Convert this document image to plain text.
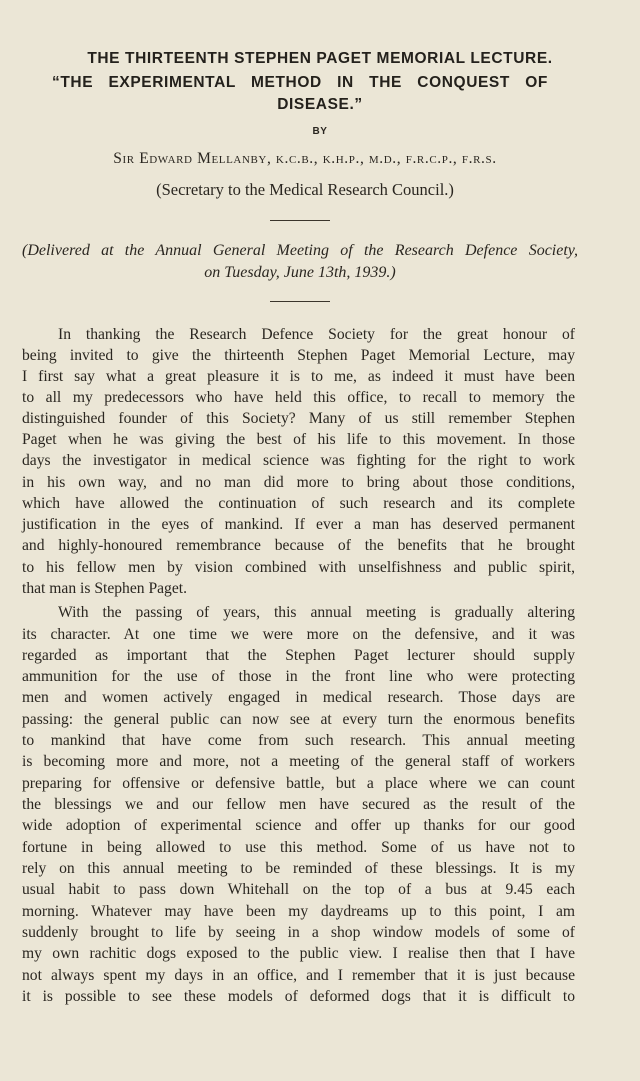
THE THIRTEENTH STEPHEN PAGET MEMORIAL LECTURE.
“THE EXPERIMENTAL METHOD IN THE CONQUEST OF
DISEASE.”
BY
Sir Edward Mellanby, k.c.b., k.h.p., m.d., f.r.c.p., f.r.s.
(Secretary to the Medical Research Council.)
(Delivered at the Annual General Meeting of the Research Defence Society,
on Tuesday, June 13th, 1939.)
In thanking the Research Defence Society for the great honour of
being invited to give the thirteenth Stephen Paget Memorial Lecture, may
I first say what a great pleasure it is to me, as indeed it must have been
to all my predecessors who have held this office, to recall to memory the
distinguished founder of this Society? Many of us still remember Stephen
Paget when he was giving the best of his life to this movement. In those
days the investigator in medical science was fighting for the right to work
in his own way, and no man did more to bring about those conditions,
which have allowed the continuation of such research and its complete
justification in the eyes of mankind. If ever a man has deserved permanent
and highly-honoured remembrance because of the benefits that he brought
to his fellow men by vision combined with unselfishness and public spirit,
that man is Stephen Paget.
With the passing of years, this annual meeting is gradually altering
its character. At one time we were more on the defensive, and it was
regarded as important that the Stephen Paget lecturer should supply
ammunition for the use of those in the front line who were protecting
men and women actively engaged in medical research. Those days are
passing: the general public can now see at every turn the enormous benefits
to mankind that have come from such research. This annual meeting
is becoming more and more, not a meeting of the general staff of workers
preparing for offensive or defensive battle, but a place where we can count
the blessings we and our fellow men have secured as the result of the
wide adoption of experimental science and offer up thanks for our good
fortune in being allowed to use this method. Some of us have not to
rely on this annual meeting to be reminded of these blessings. It is my
usual habit to pass down Whitehall on the top of a bus at 9.45 each
morning. Whatever may have been my daydreams up to this point, I am
suddenly brought to life by seeing in a shop window models of some of
my own rachitic dogs exposed to the public view. I realise then that I have
not always spent my days in an office, and I remember that it is just because
it is possible to see these models of deformed dogs that it is difficult to
